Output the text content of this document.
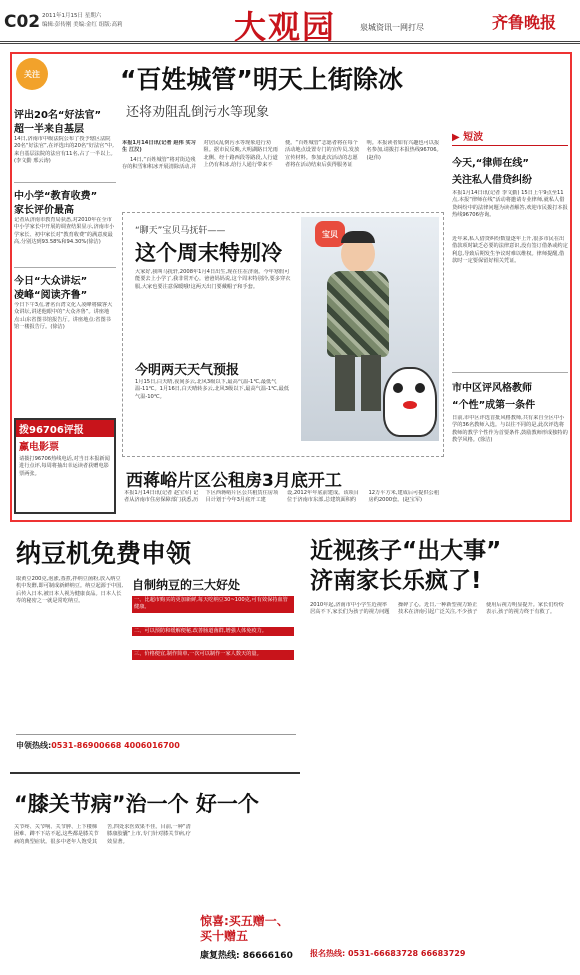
C02 2011年1月15日 星期六
编辑:彭传刚 美编:金红 组版:高莉	大观园	泉城资讯一网打尽	齐鲁晚报
关注
评出20名“好法官”
超一半来自基层
14日,济南市中级法院公布了授予辖区法院20名“好法官”,在评选出的20名“好法官”中,来自基层法院的法官有11名,占了一半以上。(李文勤 邢云涛)
中小学“教育收费”
家长评价最高
记者从济南市教育局获悉,对2010年在全市中小学家长中开展的调查结果显示,济南市小学家长、初中家长对“教育收费”的满意度最高,分别达到93.58%和94.30%(徐洁)
今日“大众讲坛”
凌峰“阅读齐鲁”
今日下午3点,著名台湾文化人凌峰将做客大众讲坛,讲述他眼中的“大众齐鲁”。讲座地点:山东省图书馆报告厅。讲座地点:省图书馆一楼报告厅。(徐洁)
拨96706评报
赢电影票
请拨打96706热线电话,对当日本报新闻进行点评,每周将抽出幸运读者获赠电影票两张。
“百姓城管”明天上街除冰
还将劝阻乱倒污水等现象

本报1月14日讯(记者 赵伟 实习生 江汉)

14日,“百姓城管”将对街边残存的积雪和积冰开展清除活动,并对居民乱倒污水等现象进行劝阻。据市民反映,大明湖路日光雨北侧、经十路西段等路段,人行道上仍有积冰,给行人通行带来不便。“百姓城管”志愿者将在每个活动地点设置专门的宣传员,发放宣传材料。参加此次活动的志愿者将在活动结束后获得服务证明。本报读者如有兴趣也可以报名参加,请拨打本报热线96706。(赵伟)

“聊天”宝贝马抚轩——
这个周末特别冷
大家好,我叫马抚轩,2008年1月4日出生,现在住在济南。今年寒假可能要去上小学了,我非常开心。爸爸妈妈说,这个周末特别冷,要多穿衣服,大家也要注意保暖哦!这两天出门要戴帽子和手套。
今明两天天气预报
1月15日,白天晴,夜间多云,北风3级以下,最高气温-1℃,最低气温-11℃。1月16日,白天晴转多云,北风3级以下,最高气温-1℃,最低气温-10℃。
宝贝
西蒋峪片区公租房3月底开工
本报1月14日讯(记者 赵宝军) 记者从济南市住房保障部门获悉,历下区西蒋峪片区公共租赁住房项目计划于今年3月底开工建设,2012年年底前建成。该项目位于济南市东部,总建筑面积约12万平方米,建成后可提供公租房约2000套。(赵宝军)
▶ 短波
今天,“律师在线”
关注私人借贷纠纷
本报1月14日讯(记者 李文勤) 15日上午9点至11点,本报“律师在线”活动将邀请专业律师,就私人借贷纠纷中的法律问题为读者解答,欢迎市民拨打本报热线96706咨询。
近年来,私人借贷纠纷数量逐年上升,很多市民在出借款项时缺乏必要的法律意识,没有签订借条或约定利息,导致后期发生争议时难以维权。律师提醒,借款时一定要保留好相关凭证。
市中区评风格教师
“个性”成第一条件
日前,市中区评选首批风格教师,共有来自全区中小学的36名教师入选。与以往不同的是,此次评选将教师的教学个性作为首要条件,鼓励教师形成独特的教学风格。(徐洁)
纳豆机免费申领
取黄豆200克,泡涨,蒸煮,拌纳豆菌粉,放入纳豆机中发酵,即可制成新鲜纳豆。纳豆起源于中国,后传入日本,被日本人视为健康食品。日本人长寿的秘密之一就是常吃纳豆。
自制纳豆的三大好处

一、比超市购买的更加新鲜,每天吃纳豆30~100克,可有效保持血管健康。

二、可以预防和缓解便秘,改善肠道菌群,增强人体免疫力。

三、价格便宜,制作简单,一次可以制作一家人数天的量。

申领热线:0531-86900668 4006016700
“膝关节病”治一个 好一个
关节疼、关节响、关节肿、上下楼梯困难、蹲不下站不起,这些都是膝关节病的典型症状。很多中老年人饱受其苦,四处求医效果不佳。目前,一种“清膝康胶囊”上市,专门针对膝关节病,疗效显著。
惊喜:买五赠一、买十赠五
康复热线: 86666160
近视孩子“出大事”
济南家长乐疯了!
2010年起,济南市中小学生近视率居高不下,家长们为孩子的视力问题操碎了心。近日,一种新型视力矫正技术在济南引起广泛关注,不少孩子使用后视力明显提升。家长们纷纷表示,孩子的视力终于有救了。
报名热线: 0531-66683728 66683729
